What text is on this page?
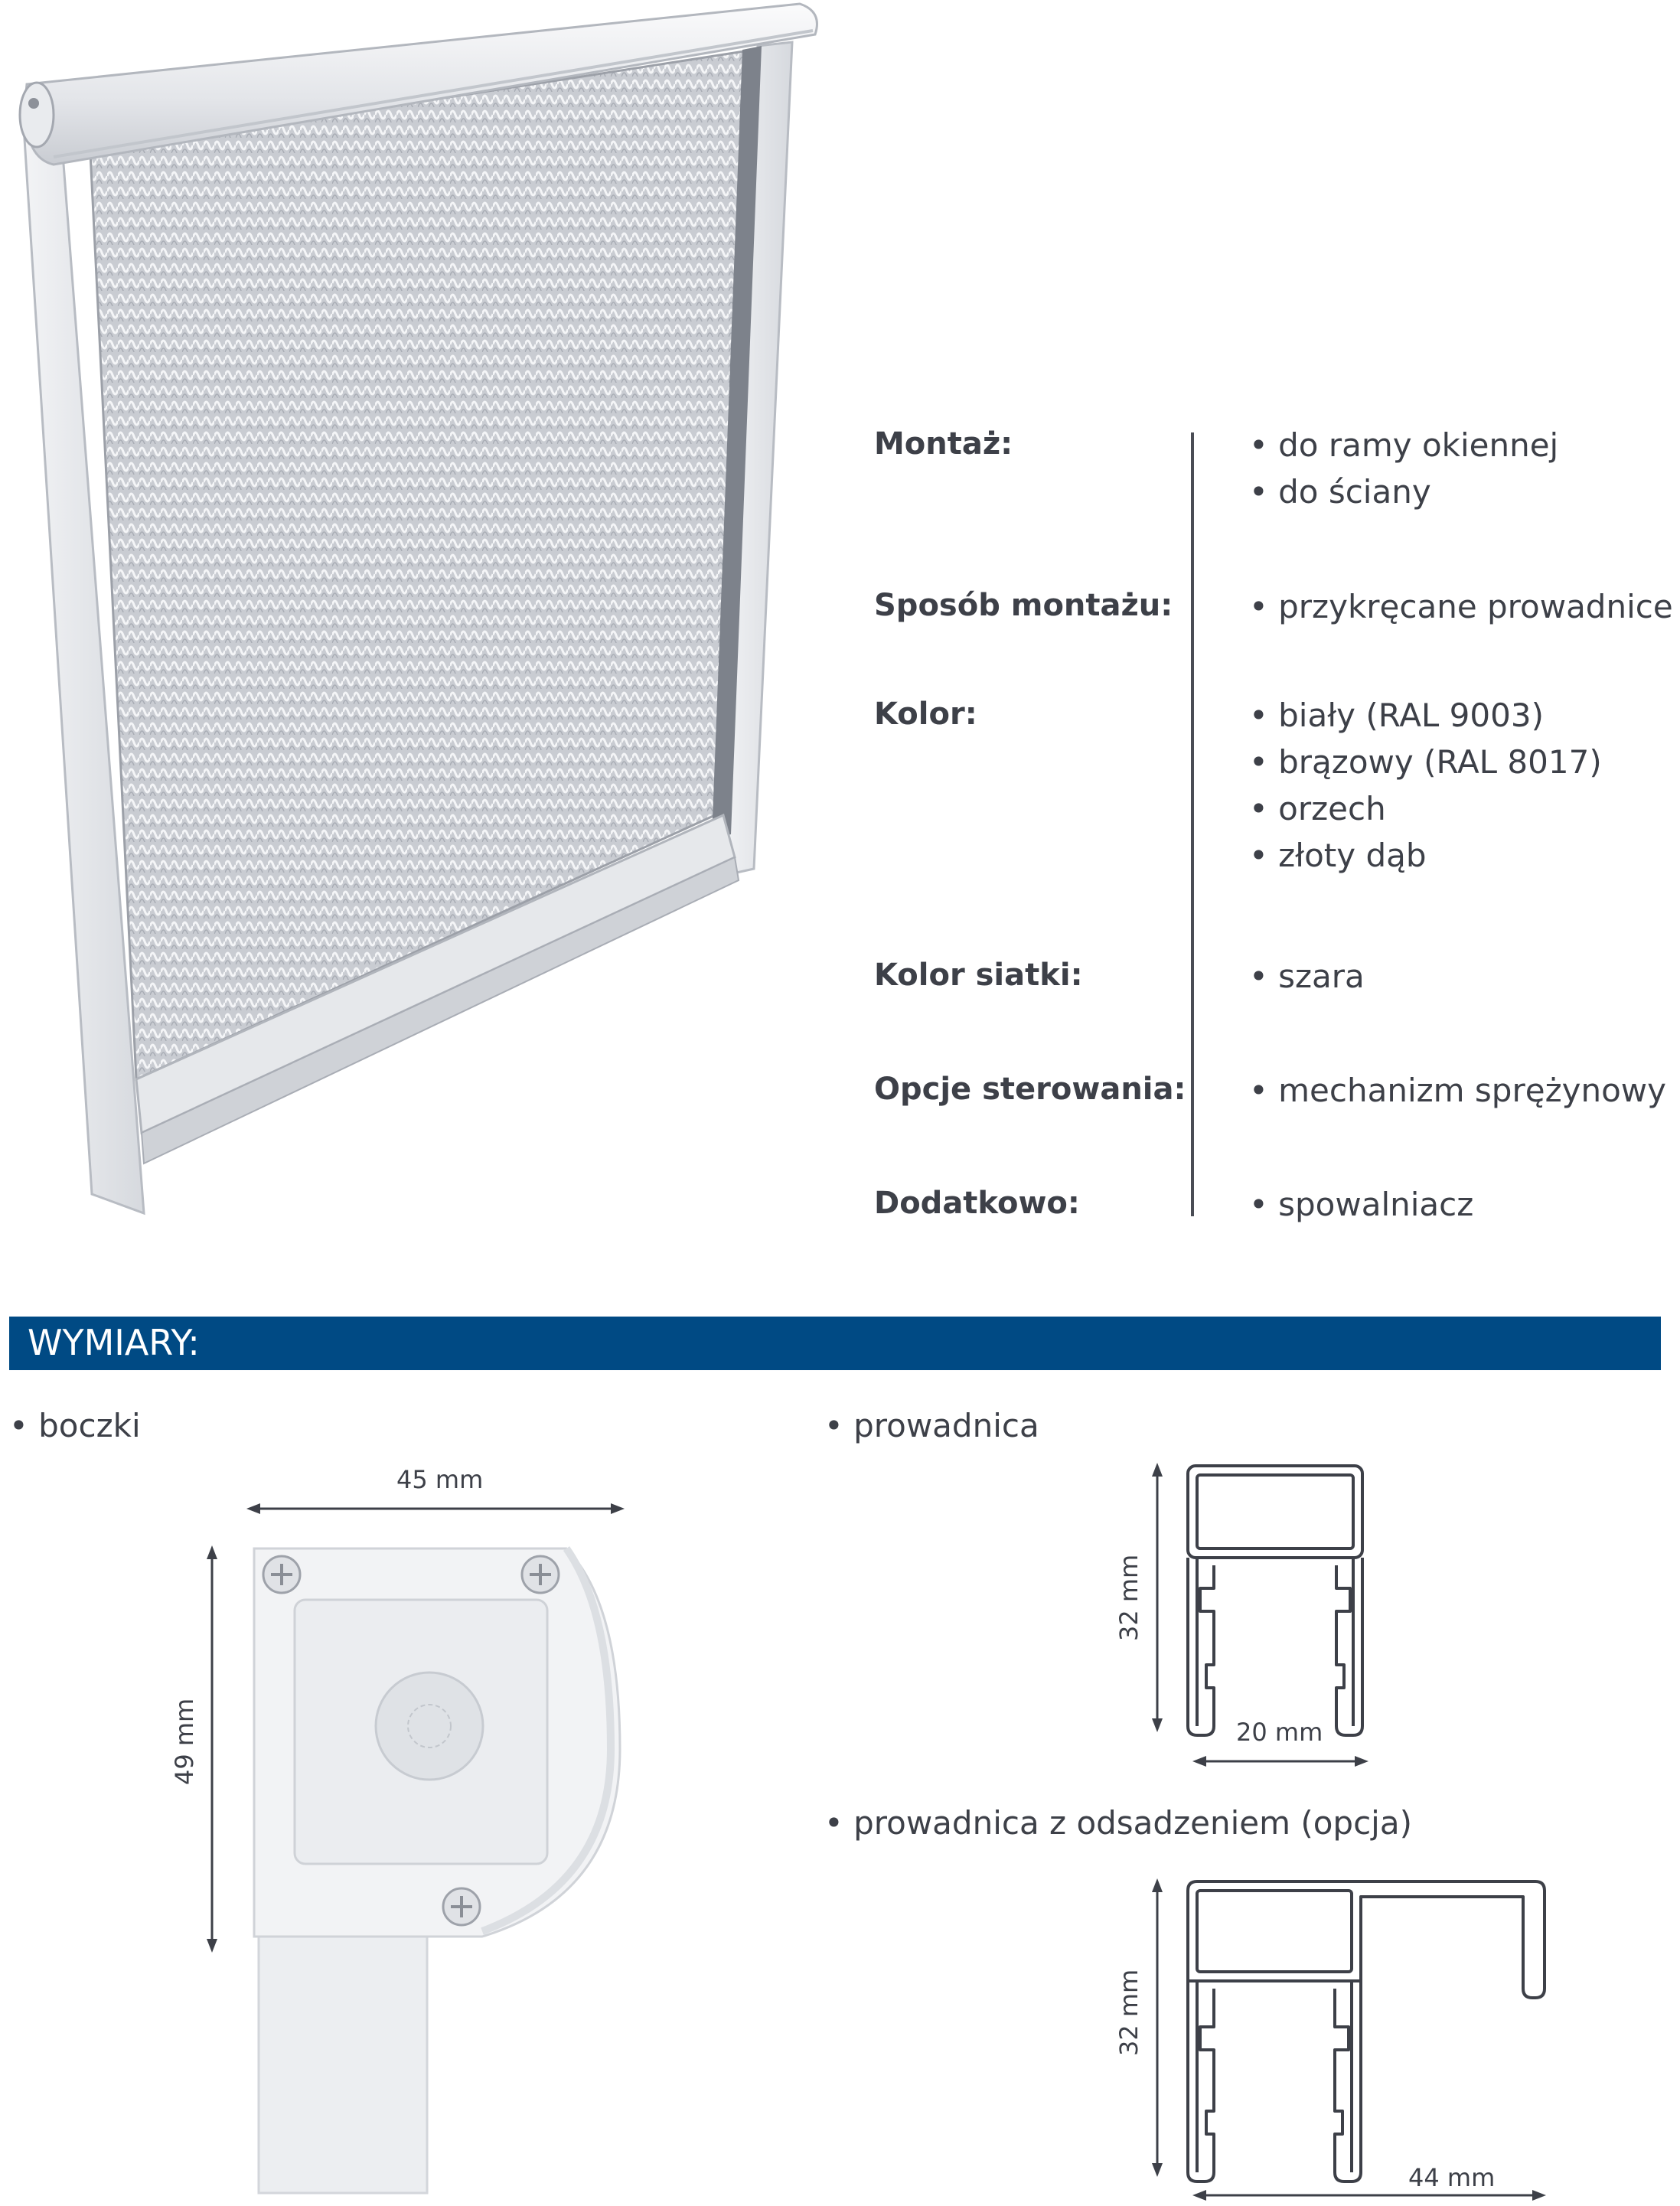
Montaż:	• do ramy okiennej
• do ściany
Sposób montażu: • przykręcane prowadnice
Kolor:	• biały (RAL 9003)
• brązowy (RAL 8017)
• orzech
• złoty dąb
Kolor siatki:	• szara
Opcje sterowania: • mechanizm sprężynowy
Dodatkowo:	• spowalniacz
WYMIARY:
• boczki
45 mm
49 mm
• prowadnica
32 mm
20 mm
• prowadnica z odsadzeniem (opcja)
32 mm
44 mm
